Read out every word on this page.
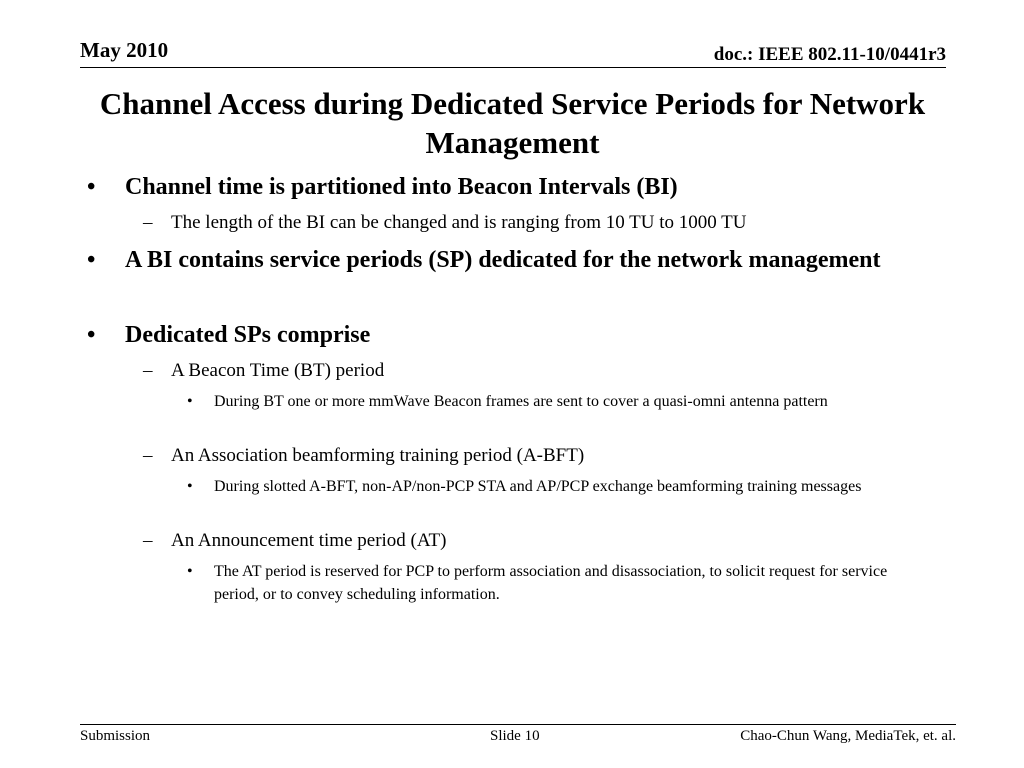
May 2010	doc.: IEEE 802.11-10/0441r3
Channel Access during Dedicated Service Periods for Network Management
• Channel time is partitioned into Beacon Intervals (BI)
– The length of the BI can be changed and is ranging from 10 TU to 1000 TU
• A BI contains service periods (SP) dedicated for the network management
• Dedicated SPs comprise
– A Beacon Time (BT) period
• During BT one or more mmWave Beacon frames are sent to cover a quasi-omni antenna pattern
– An Association beamforming training period (A-BFT)
• During slotted A-BFT, non-AP/non-PCP STA and AP/PCP exchange beamforming training messages
– An Announcement time period (AT)
• The AT period is reserved for PCP to perform association and disassociation, to solicit request for service period, or to convey scheduling information.
Submission	Slide 10	Chao-Chun Wang, MediaTek, et. al.
